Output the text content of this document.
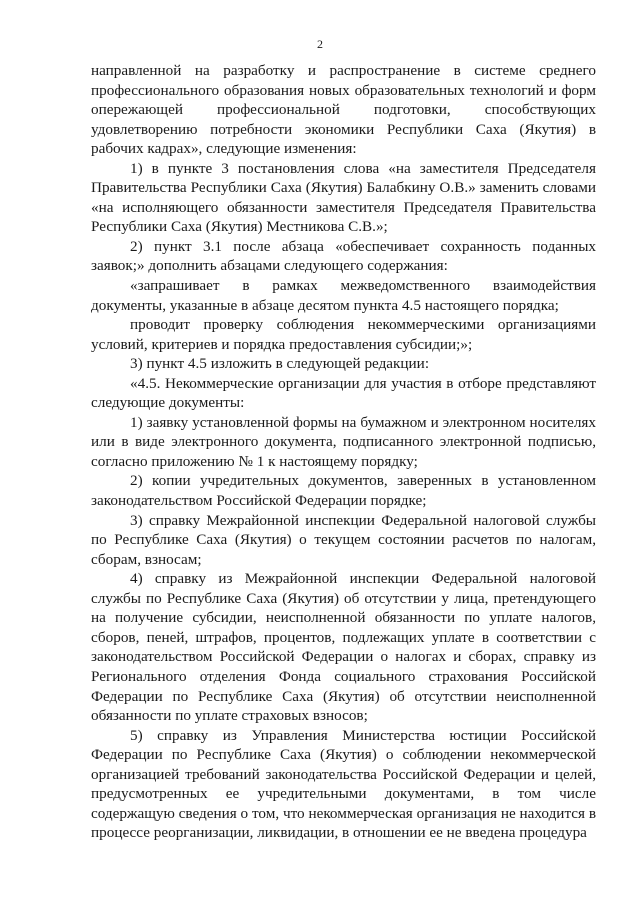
2

направленной на разработку и распространение в системе среднего профессионального образования новых образовательных технологий и форм опережающей профессиональной подготовки, способствующих удовлетворению потребности экономики Республики Саха (Якутия) в рабочих кадрах», следующие изменения:

1) в пункте 3 постановления слова «на заместителя Председателя Правительства Республики Саха (Якутия) Балабкину О.В.» заменить словами «на исполняющего обязанности заместителя Председателя Правительства Республики Саха (Якутия) Местникова С.В.»;

2) пункт 3.1 после абзаца «обеспечивает сохранность поданных заявок;» дополнить абзацами следующего содержания:

«запрашивает в рамках межведомственного взаимодействия документы, указанные в абзаце десятом пункта 4.5 настоящего порядка;

проводит проверку соблюдения некоммерческими организациями условий, критериев и порядка предоставления субсидии;»;

3) пункт 4.5 изложить в следующей редакции:

«4.5. Некоммерческие организации для участия в отборе представляют следующие документы:

1) заявку установленной формы на бумажном и электронном носителях или в виде электронного документа, подписанного электронной подписью, согласно приложению № 1 к настоящему порядку;

2) копии учредительных документов, заверенных в установленном законодательством Российской Федерации порядке;

3) справку Межрайонной инспекции Федеральной налоговой службы по Республике Саха (Якутия) о текущем состоянии расчетов по налогам, сборам, взносам;

4) справку из Межрайонной инспекции Федеральной налоговой службы по Республике Саха (Якутия) об отсутствии у лица, претендующего на получение субсидии, неисполненной обязанности по уплате налогов, сборов, пеней, штрафов, процентов, подлежащих уплате в соответствии с законодательством Российской Федерации о налогах и сборах, справку из Регионального отделения Фонда социального страхования Российской Федерации по Республике Саха (Якутия) об отсутствии неисполненной обязанности по уплате страховых взносов;

5) справку из Управления Министерства юстиции Российской Федерации по Республике Саха (Якутия) о соблюдении некоммерческой организацией требований законодательства Российской Федерации и целей, предусмотренных ее учредительными документами, в том числе содержащую сведения о том, что некоммерческая организация не находится в процессе реорганизации, ликвидации, в отношении ее не введена процедура
